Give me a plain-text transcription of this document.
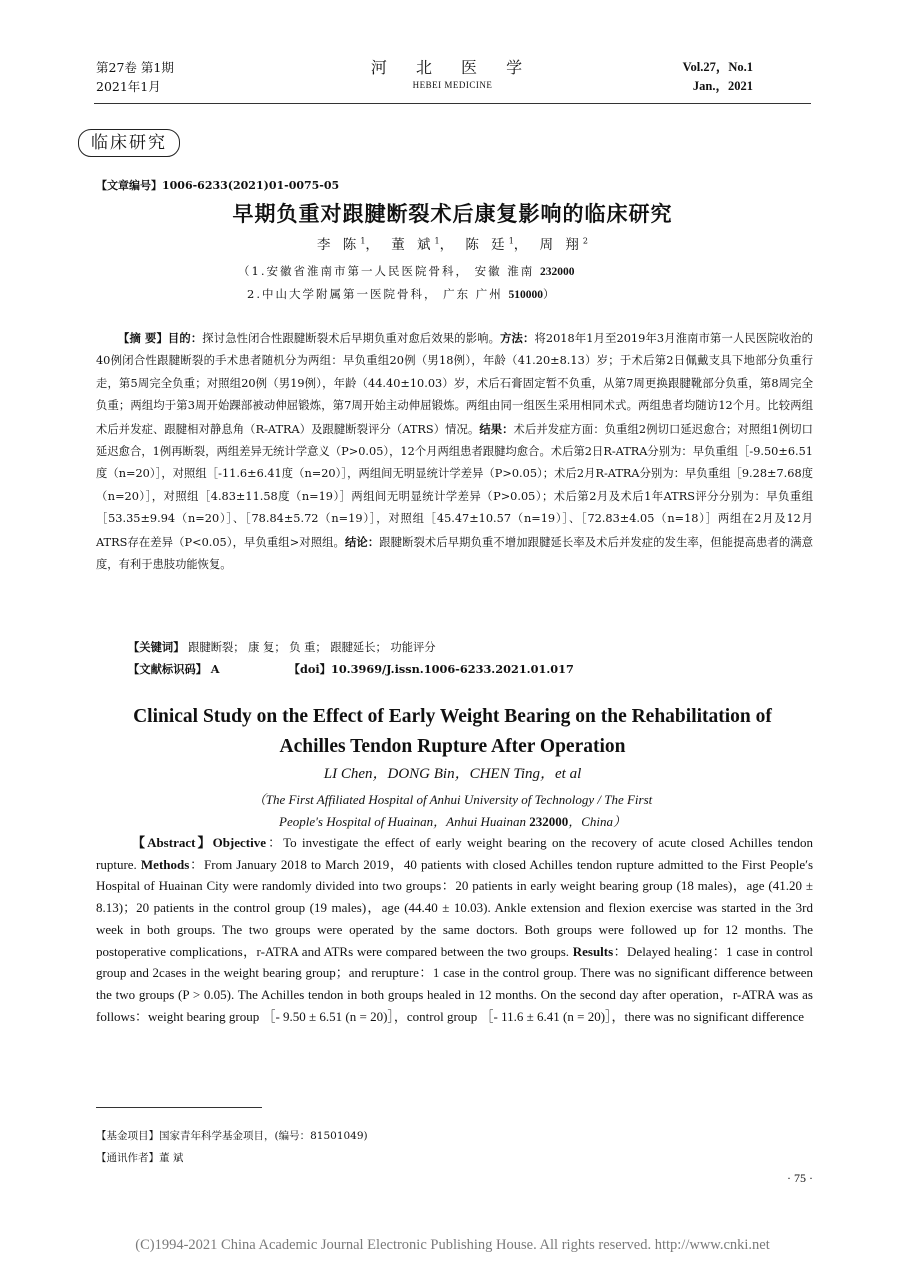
第27卷 第1期
2021年1月
河 北 医 学
HEBEI MEDICINE
Vol.27，No.1
Jan.，2021
临床研究
【文章编号】1006-6233(2021)01-0075-05
早期负重对跟腱断裂术后康复影响的临床研究
李 陈$^1$， 董 斌$^1$， 陈 廷$^1$， 周 翔$^2$
（1.安徽省淮南市第一人民医院骨科， 安徽 淮南 232000
2.中山大学附属第一医院骨科， 广东 广州 510000）
【摘 要】目的：探讨急性闭合性跟腱断裂术后早期负重对愈后效果的影响。方法：将2018年1月至2019年3月淮南市第一人民医院收治的40例闭合性跟腱断裂的手术患者随机分为两组：早负重组20例（男18例），年龄（41.20±8.13）岁；于术后第2日佩戴支具下地部分负重行走，第5周完全负重；对照组20例（男19例），年龄（44.40±10.03）岁，术后石膏固定暂不负重，从第7周更换跟腱靴部分负重，第8周完全负重；两组均于第3周开始踝部被动伸屈锻炼，第7周开始主动伸屈锻炼。两组由同一组医生采用相同术式。两组患者均随访12个月。比较两组术后并发症、跟腱相对静息角（R-ATRA）及跟腱断裂评分（ATRS）情况。结果：术后并发症方面：负重组2例切口延迟愈合；对照组1例切口延迟愈合，1例再断裂，两组差异无统计学意义（P>0.05），12个月两组患者跟腱均愈合。术后第2日R-ATRA分别为：早负重组［-9.50±6.51度（n=20）］，对照组［-11.6±6.41度（n=20）］，两组间无明显统计学差异（P>0.05）；术后2月R-ATRA分别为：早负重组［9.28±7.68度（n=20）］，对照组［4.83±11.58度（n=19）］两组间无明显统计学差异（P>0.05）；术后第2月及术后1年ATRS评分分别为：早负重组［53.35±9.94（n=20）］、［78.84±5.72（n=19）］，对照组［45.47±10.57（n=19）］、［72.83±4.05（n=18）］两组在2月及12月ATRS存在差异（P<0.05），早负重组>对照组。结论：跟腱断裂术后早期负重不增加跟腱延长率及术后并发症的发生率，但能提高患者的满意度，有利于患肢功能恢复。
【关键词】 跟腱断裂； 康 复； 负 重； 跟腱延长； 功能评分
【文献标识码】 A	【doi】10.3969/J.issn.1006-6233.2021.01.017
Clinical Study on the Effect of Early Weight Bearing on the Rehabilitation of Achilles Tendon Rupture After Operation
LI Chen，DONG Bin，CHEN Ting，et al
（The First Affiliated Hospital of Anhui University of Technology / The First
People′s Hospital of Huainan，Anhui Huainan 232000，China）
【Abstract】Objective：To investigate the effect of early weight bearing on the recovery of acute closed Achilles tendon rupture. Methods：From January 2018 to March 2019，40 patients with closed Achilles tendon rupture admitted to the First People′s Hospital of Huainan City were randomly divided into two groups：20 patients in early weight bearing group (18 males)，age (41.20 ± 8.13)；20 patients in the control group (19 males)，age (44.40 ± 10.03). Ankle extension and flexion exercise was started in the 3rd week in both groups. The two groups were operated by the same doctors. Both groups were followed up for 12 months. The postoperative complications，r-ATRA and ATRs were compared between the two groups. Results：Delayed healing：1 case in control group and 2cases in the weight bearing group；and rerupture：1 case in the control group. There was no significant difference between the two groups (P > 0.05). The Achilles tendon in both groups healed in 12 months. On the second day after operation，r-ATRA was as follows：weight bearing group ［- 9.50 ± 6.51 (n = 20)］，control group ［- 11.6 ± 6.41 (n = 20)］，there was no significant difference
【基金项目】国家青年科学基金项目，(编号：81501049)
【通讯作者】董 斌
· 75 ·
(C)1994-2021 China Academic Journal Electronic Publishing House. All rights reserved. http://www.cnki.net
